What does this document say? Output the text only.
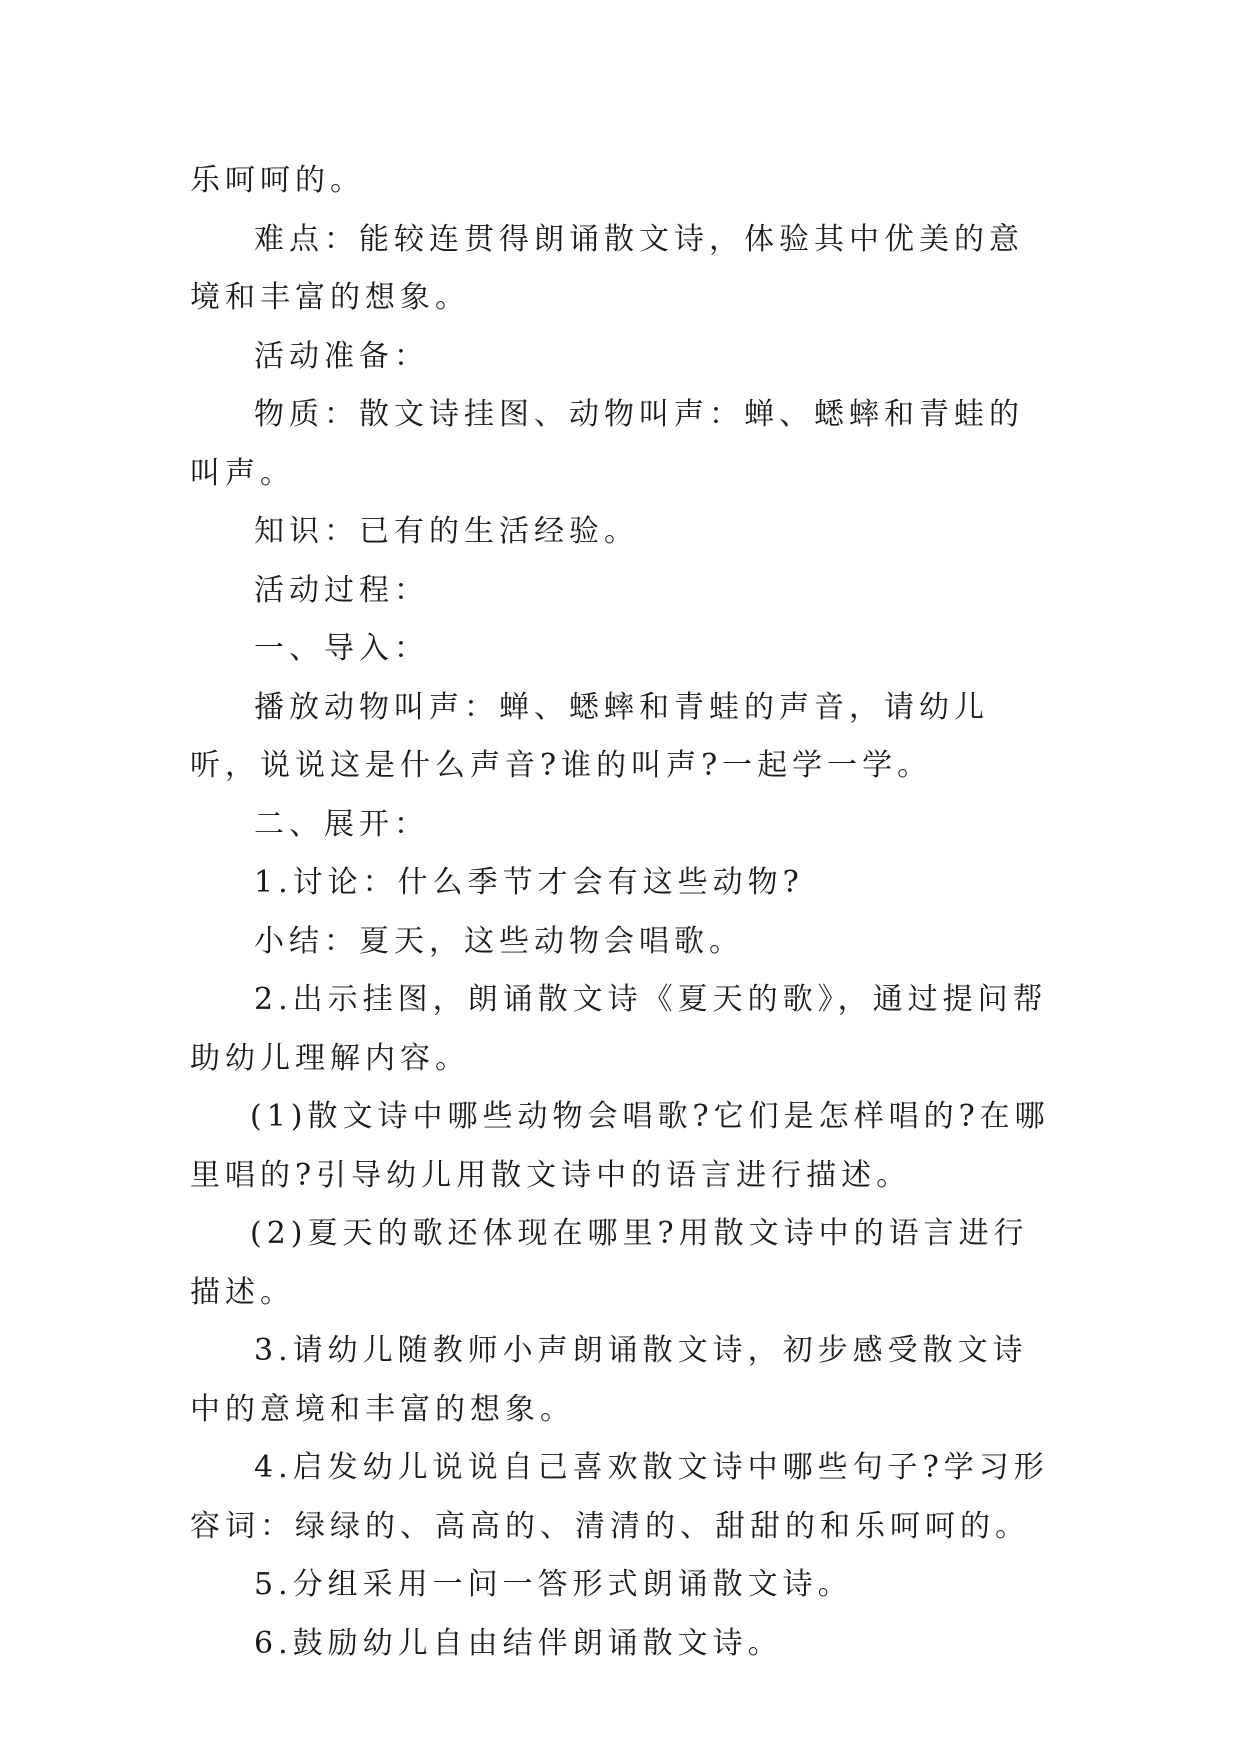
乐呵呵的。

难点：能较连贯得朗诵散文诗，体验其中优美的意境和丰富的想象。

活动准备：

物质：散文诗挂图、动物叫声：蝉、蟋蟀和青蛙的叫声。

知识：已有的生活经验。

活动过程：

一、导入：

播放动物叫声：蝉、蟋蟀和青蛙的声音，请幼儿听，说说这是什么声音?谁的叫声?一起学一学。

二、展开：

1.讨论：什么季节才会有这些动物?

小结：夏天，这些动物会唱歌。

2.出示挂图，朗诵散文诗《夏天的歌》，通过提问帮助幼儿理解内容。

(1)散文诗中哪些动物会唱歌?它们是怎样唱的?在哪里唱的?引导幼儿用散文诗中的语言进行描述。

(2)夏天的歌还体现在哪里?用散文诗中的语言进行描述。

3.请幼儿随教师小声朗诵散文诗，初步感受散文诗中的意境和丰富的想象。

4.启发幼儿说说自己喜欢散文诗中哪些句子?学习形容词：绿绿的、高高的、清清的、甜甜的和乐呵呵的。

5.分组采用一问一答形式朗诵散文诗。

6.鼓励幼儿自由结伴朗诵散文诗。
